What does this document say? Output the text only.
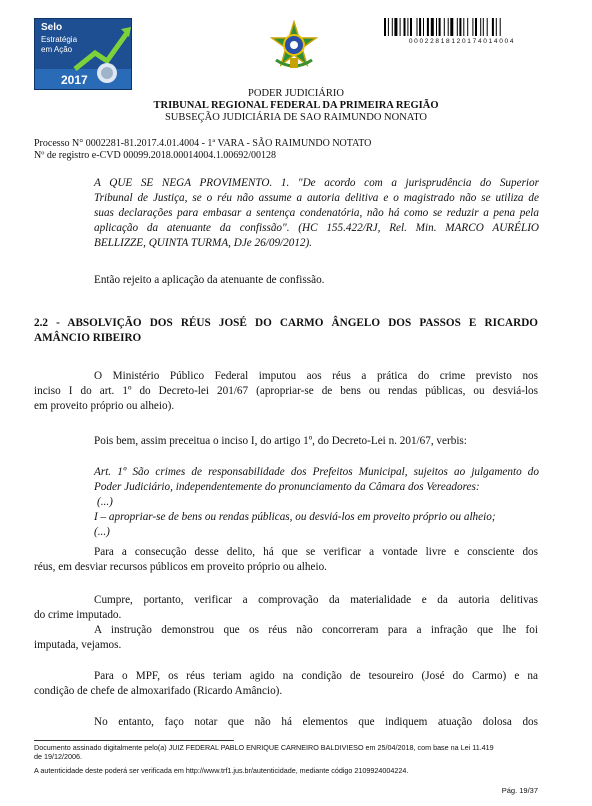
Selo
Estratégia
em Ação
2017
00022818120174014004
PODER JUDICIÁRIO
TRIBUNAL REGIONAL FEDERAL DA PRIMEIRA REGIÃO
SUBSEÇÃO JUDICIÁRIA DE SAO RAIMUNDO NONATO
Processo N° 0002281-81.2017.4.01.4004 - 1ª VARA - SÃO RAIMUNDO NOTATO
Nº de registro e-CVD 00099.2018.00014004.1.00692/00128
A QUE SE NEGA PROVIMENTO. 1. "De acordo com a jurisprudência do Superior
Tribunal de Justiça, se o réu não assume a autoria delitiva e o magistrado não se utiliza de
suas declarações para embasar a sentença condenatória, não há como se reduzir a pena pela
aplicação da atenuante da confissão". (HC 155.422/RJ, Rel. Min. MARCO AURÉLIO
BELLIZZE, QUINTA TURMA, DJe 26/09/2012).
Então rejeito a aplicação da atenuante de confissão.
2.2 - ABSOLVIÇÃO DOS RÉUS JOSÉ DO CARMO ÂNGELO DOS PASSOS E RICARDO
AMÂNCIO RIBEIRO
O Ministério Público Federal imputou aos réus a prática do crime previsto nos
inciso I do art. 1º do Decreto-lei 201/67 (apropriar-se de bens ou rendas públicas, ou desviá-los
em proveito próprio ou alheio).
Pois bem, assim preceitua o inciso I, do artigo 1º, do Decreto-Lei n. 201/67, verbis:
Art. 1º São crimes de responsabilidade dos Prefeitos Municipal, sujeitos ao julgamento do
Poder Judiciário, independentemente do pronunciamento da Câmara dos Vereadores:
(...)
I – apropriar-se de bens ou rendas públicas, ou desviá-los em proveito próprio ou alheio;
(...)
Para a consecução desse delito, há que se verificar a vontade livre e consciente dos
réus, em desviar recursos públicos em proveito próprio ou alheio.
Cumpre, portanto, verificar a comprovação da materialidade e da autoria delitivas
do crime imputado.
A instrução demonstrou que os réus não concorreram para a infração que lhe foi
imputada, vejamos.
Para o MPF, os réus teriam agido na condição de tesoureiro (José do Carmo) e na
condição de chefe de almoxarifado (Ricardo Amâncio).
No entanto, faço notar que não há elementos que indiquem atuação dolosa dos
Documento assinado digitalmente pelo(a) JUIZ FEDERAL PABLO ENRIQUE CARNEIRO BALDIVIESO em 25/04/2018, com base na Lei 11.419
de 19/12/2006.
A autenticidade deste poderá ser verificada em http://www.trf1.jus.br/autenticidade, mediante código 2109924004224.
Pág. 19/37
